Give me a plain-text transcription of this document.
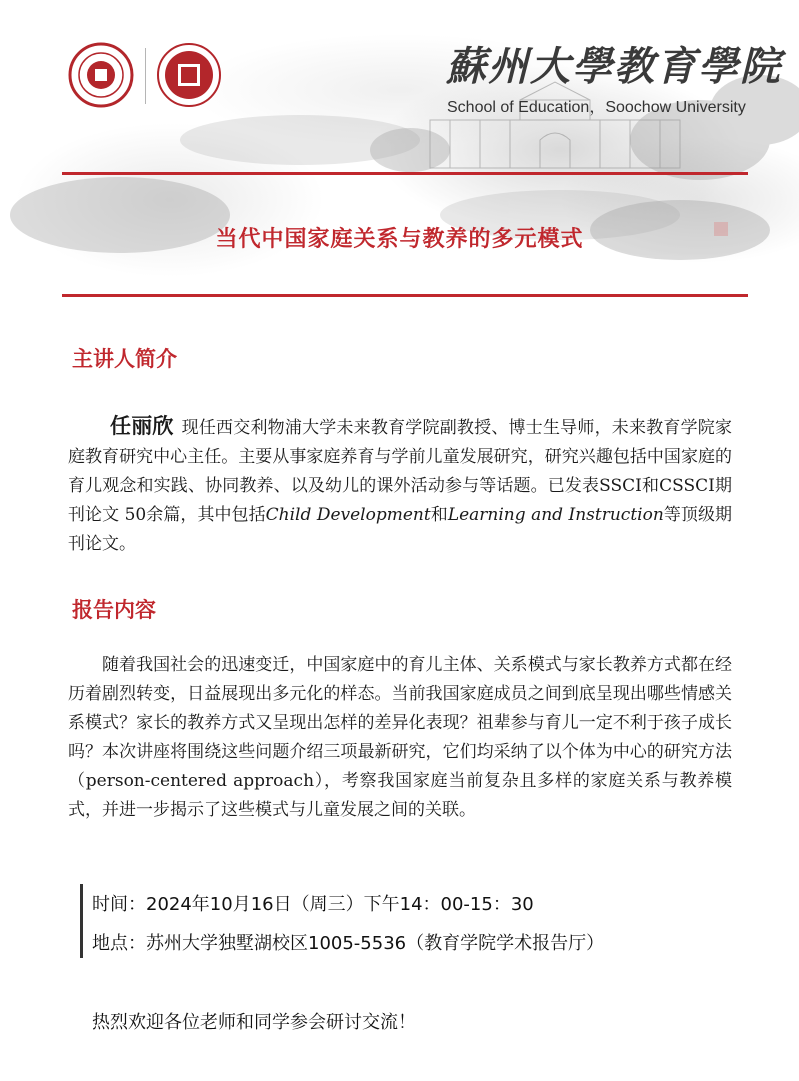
蘇州大學教育學院
School of Education，Soochow University
当代中国家庭关系与教养的多元模式
主讲人简介
任丽欣 现任西交利物浦大学未来教育学院副教授、博士生导师，未来教育学院家庭教育研究中心主任。主要从事家庭养育与学前儿童发展研究，研究兴趣包括中国家庭的育儿观念和实践、协同教养、以及幼儿的课外活动参与等话题。已发表SSCI和CSSCI期刊论文 50余篇，其中包括Child Development和Learning and Instruction等顶级期刊论文。
报告内容
随着我国社会的迅速变迁，中国家庭中的育儿主体、关系模式与家长教养方式都在经历着剧烈转变，日益展现出多元化的样态。当前我国家庭成员之间到底呈现出哪些情感关系模式？家长的教养方式又呈现出怎样的差异化表现？祖辈参与育儿一定不利于孩子成长吗？本次讲座将围绕这些问题介绍三项最新研究，它们均采纳了以个体为中心的研究方法（person-centered approach），考察我国家庭当前复杂且多样的家庭关系与教养模式，并进一步揭示了这些模式与儿童发展之间的关联。
时间：2024年10月16日（周三）下午14：00-15：30
地点：苏州大学独墅湖校区1005-5536（教育学院学术报告厅）
热烈欢迎各位老师和同学参会研讨交流！
